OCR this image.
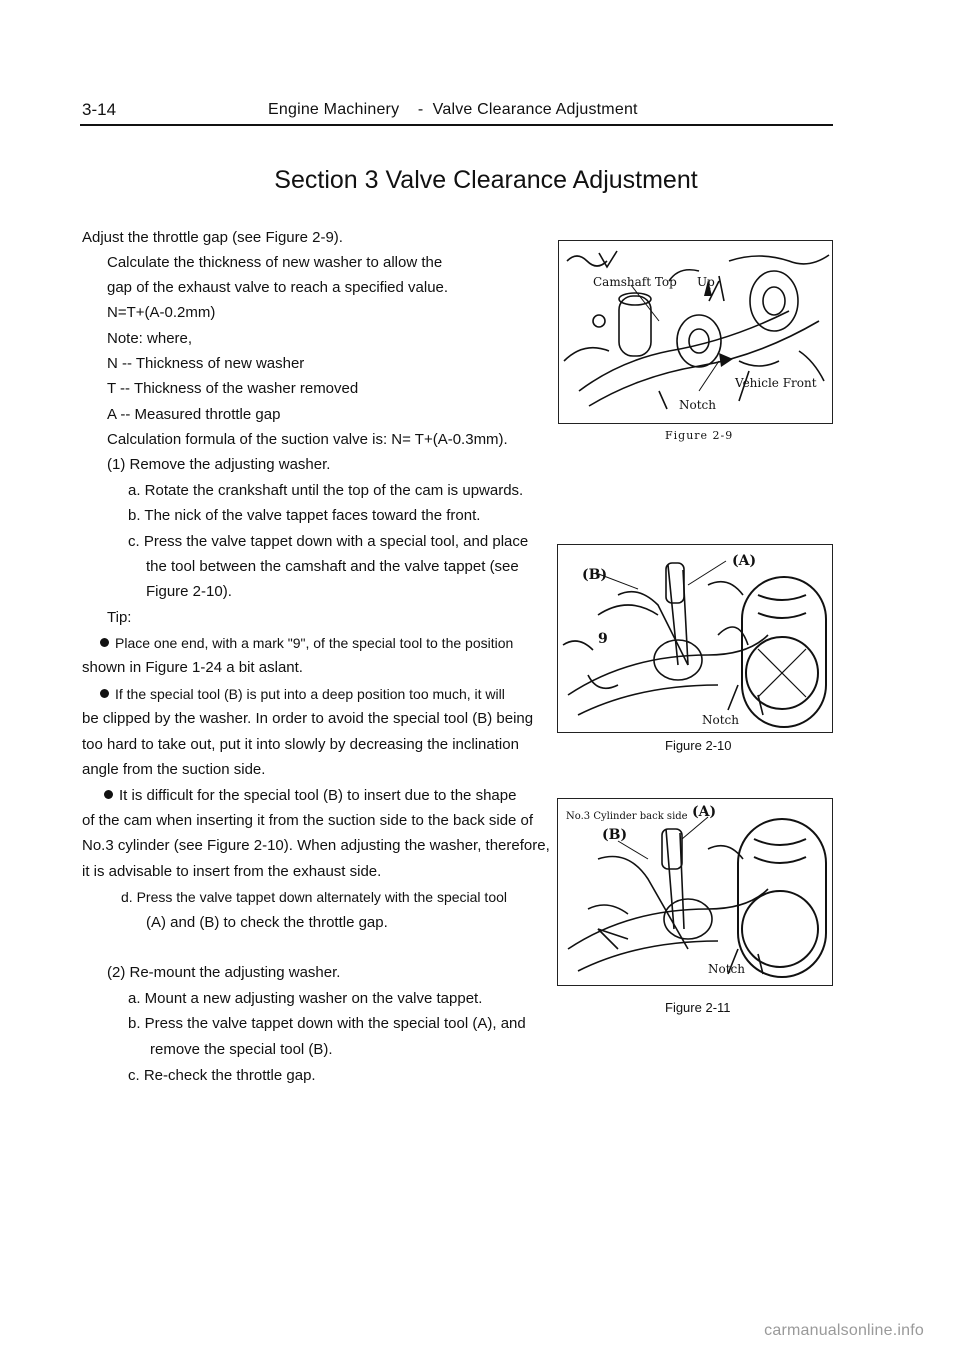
3-14	Engine Machinery    -  Valve Clearance Adjustment
Section 3 Valve Clearance Adjustment
Adjust the throttle gap (see Figure 2-9).
Calculate the thickness of new washer to allow the
gap of the exhaust valve to reach a specified value.
N=T+(A-0.2mm)
Note: where,
N -- Thickness of new washer
T -- Thickness of the washer removed
A -- Measured throttle gap
Calculation formula of the suction valve is: N= T+(A-0.3mm).
(1) Remove the adjusting washer.
a. Rotate the crankshaft until the top of the cam is upwards.
b. The nick of the valve tappet faces toward the front.
c. Press the valve tappet down with a special tool, and place
the tool between the camshaft and the valve tappet (see
Figure 2-10).
Tip:
Place one end, with a mark "9", of the special tool to the position
shown in Figure 1-24 a bit aslant.
If the special tool (B) is put into a deep position too much, it will
be clipped by the washer. In order to avoid the special tool (B) being
too hard to take out, put it into slowly by decreasing the inclination
angle from the suction side.
It is difficult for the special tool (B) to insert due to the shape
of the cam when inserting it from the suction side to the back side of
No.3 cylinder (see Figure 2-10). When adjusting the washer, therefore,
it is advisable to insert from the exhaust side.
d. Press the valve tappet down alternately with the special tool
(A) and (B) to check the throttle gap.
(2) Re-mount the adjusting washer.
a. Mount a new adjusting washer on the valve tappet.
b. Press the valve tappet down with the special tool (A), and
remove the special tool (B).
c. Re-check the throttle gap.
Camshaft Top Up
Vehicle Front
Notch
Figure 2-9
(B)
(A)
9
Notch
Figure 2-10
No.3 Cylinder back side (A)
(B)
Notch
Figure 2-11
carmanualsonline.info
